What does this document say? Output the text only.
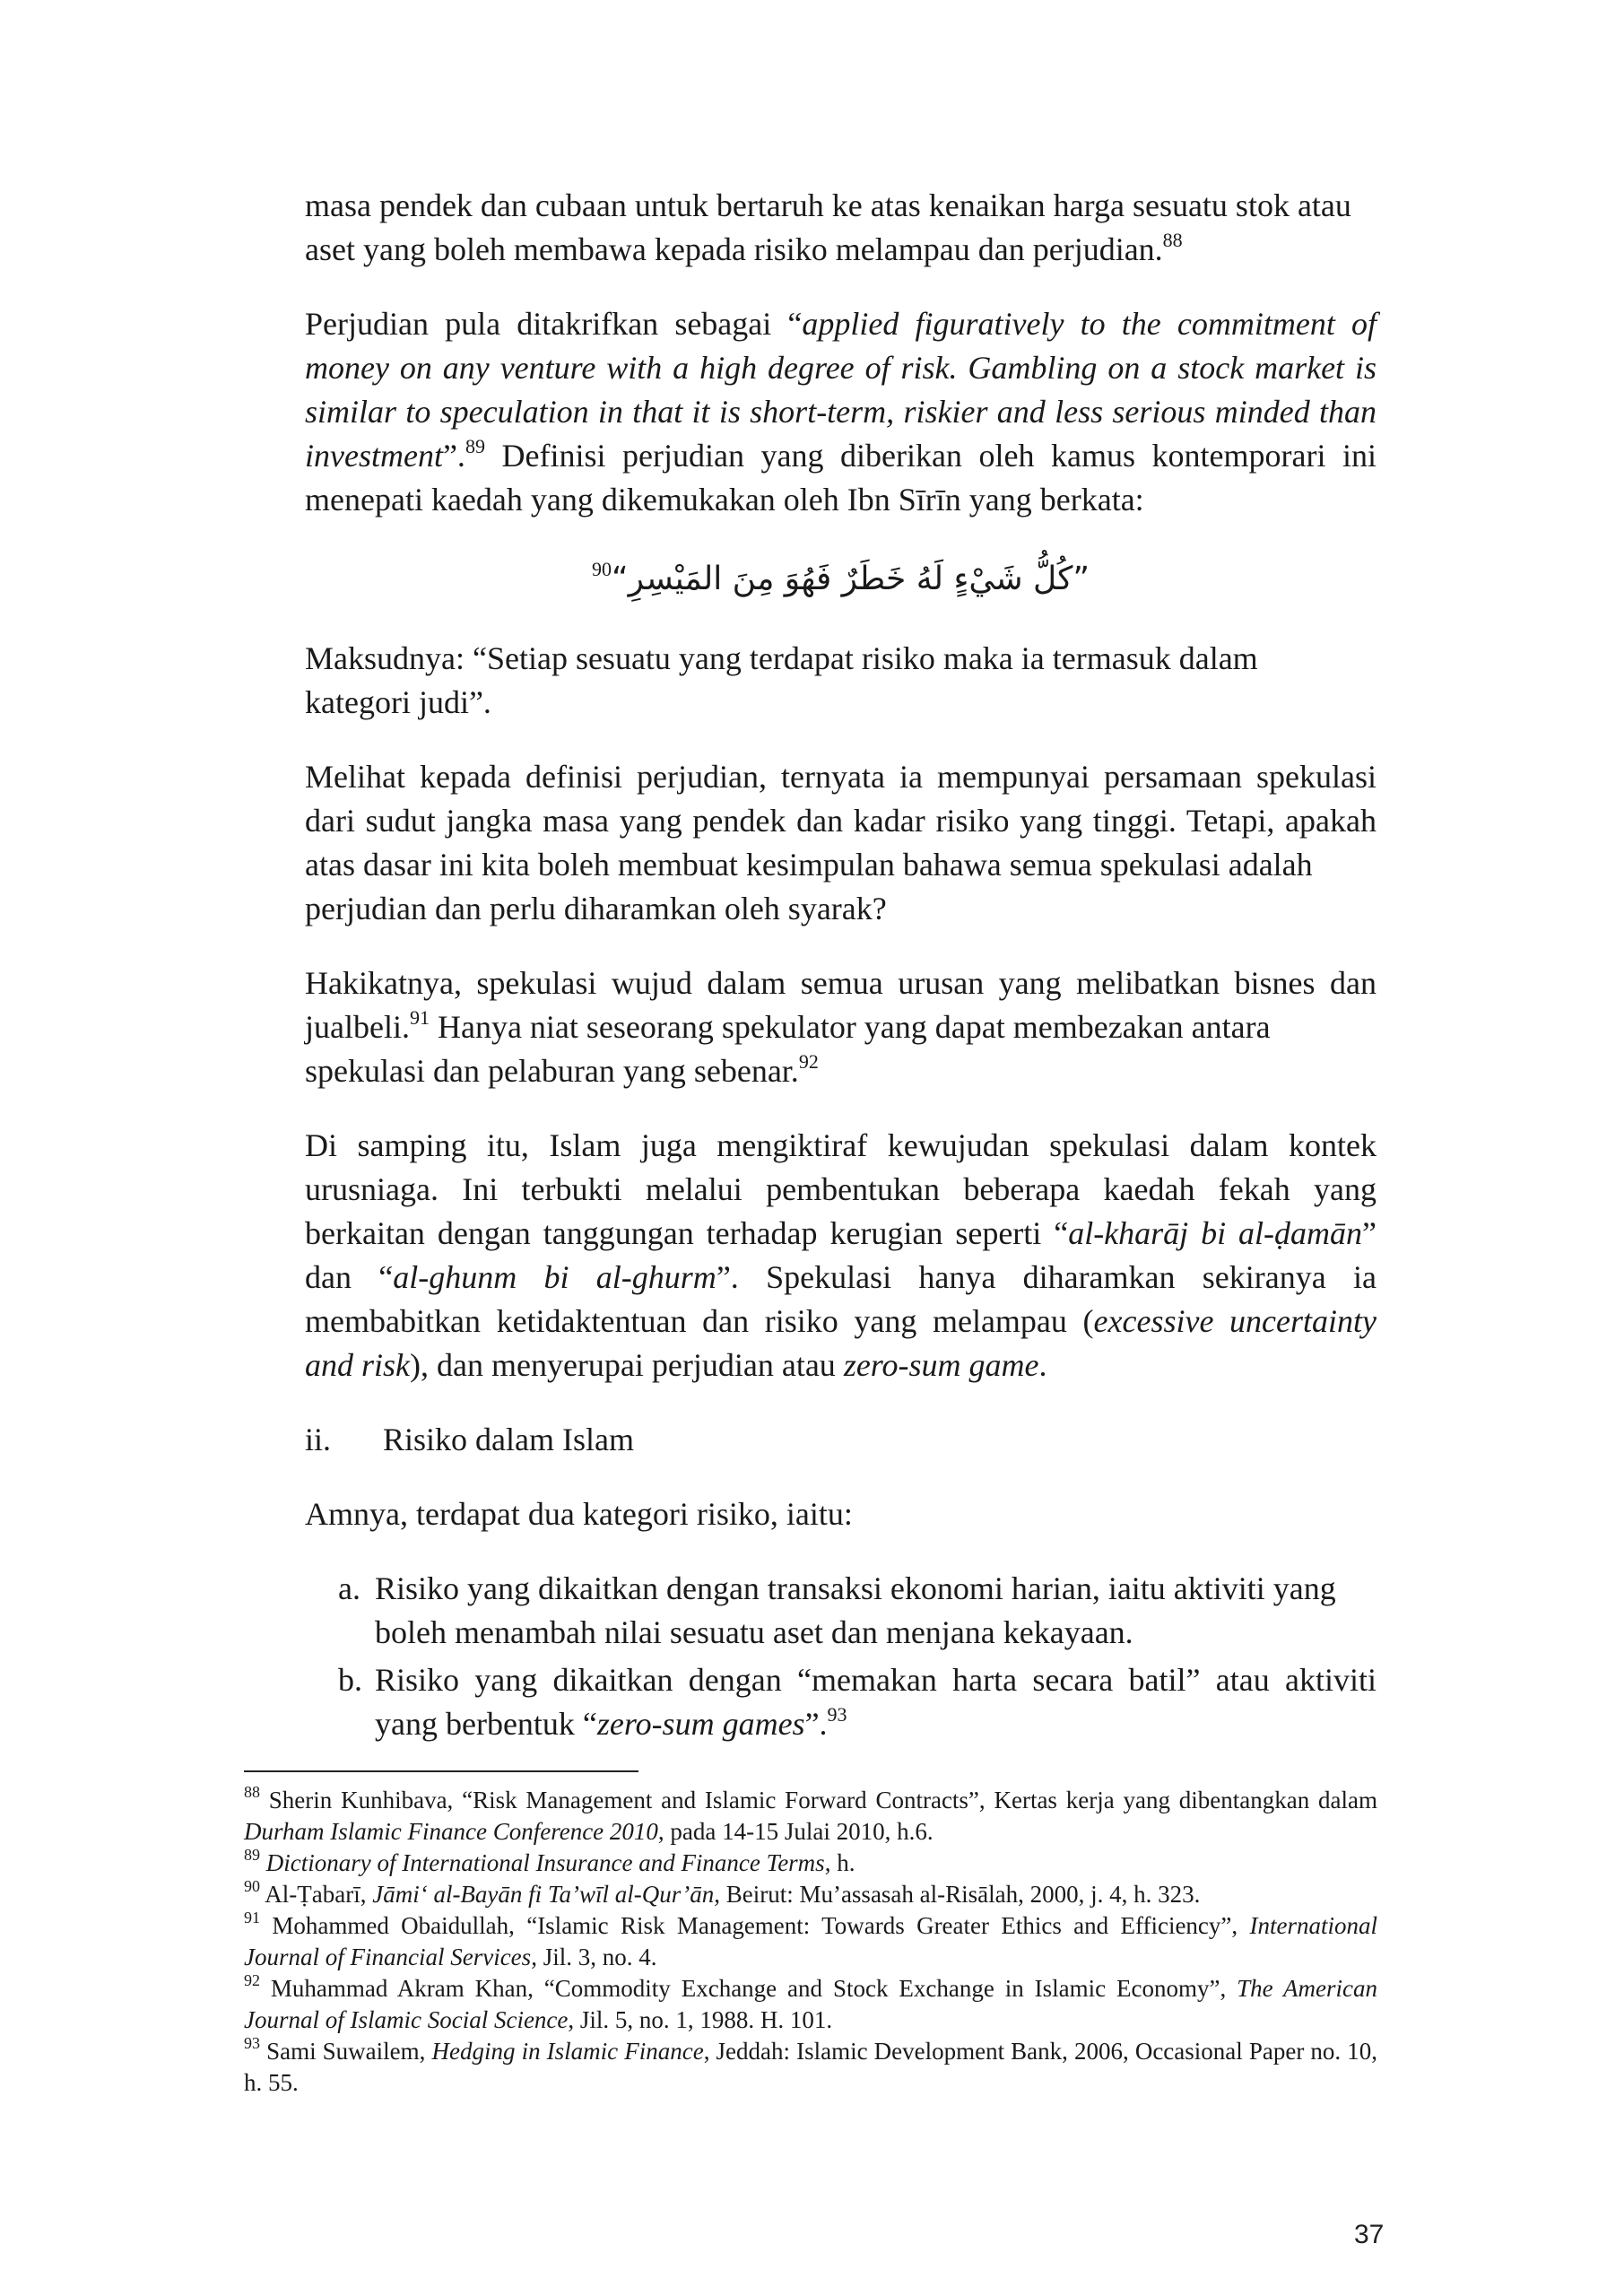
masa pendek dan cubaan untuk bertaruh ke atas kenaikan harga sesuatu stok atau
aset yang boleh membawa kepada risiko melampau dan perjudian.$^{88}$

Perjudian pula ditakrifkan sebagai “applied figuratively to the commitment of money on any venture with a high degree of risk. Gambling on a stock market is similar to speculation in that it is short-term, riskier and less serious minded than investment”.$^{89}$ Definisi perjudian yang diberikan oleh kamus kontemporari ini menepati kaedah yang dikemukakan oleh Ibn Sīrīn yang berkata:

”كُلُّ شَيْءٍ لَهُ خَطَرٌ فَهُوَ مِنَ المَيْسِرِ“$^{90}$

Maksudnya: “Setiap sesuatu yang terdapat risiko maka ia termasuk dalam
kategori judi”.

Melihat kepada definisi perjudian, ternyata ia mempunyai persamaan spekulasi dari sudut jangka masa yang pendek dan kadar risiko yang tinggi. Tetapi, apakah atas dasar ini kita boleh membuat kesimpulan bahawa semua spekulasi adalah
perjudian dan perlu diharamkan oleh syarak?

Hakikatnya, spekulasi wujud dalam semua urusan yang melibatkan bisnes dan jualbeli.$^{91}$ Hanya niat seseorang spekulator yang dapat membezakan antara
spekulasi dan pelaburan yang sebenar.$^{92}$

Di samping itu, Islam juga mengiktiraf kewujudan spekulasi dalam kontek urusniaga. Ini terbukti melalui pembentukan beberapa kaedah fekah yang berkaitan dengan tanggungan terhadap kerugian seperti “al-kharāj bi al-ḍamān” dan “al-ghunm bi al-ghurm”. Spekulasi hanya diharamkan sekiranya ia membabitkan ketidaktentuan dan risiko yang melampau (excessive uncertainty and risk), dan menyerupai perjudian atau zero-sum game.

ii.	Risiko dalam Islam

Amnya, terdapat dua kategori risiko, iaitu:

a. Risiko yang dikaitkan dengan transaksi ekonomi harian, iaitu aktiviti yang
boleh menambah nilai sesuatu aset dan menjana kekayaan.
b. Risiko yang dikaitkan dengan “memakan harta secara batil” atau aktiviti yang berbentuk “zero-sum games”.$^{93}$

$^{88}$ Sherin Kunhibava, “Risk Management and Islamic Forward Contracts”, Kertas kerja yang dibentangkan dalam Durham Islamic Finance Conference 2010, pada 14-15 Julai 2010, h.6.

$^{89}$ Dictionary of International Insurance and Finance Terms, h.

$^{90}$ Al-Ṭabarī, Jāmi‘ al-Bayān fi Ta’wīl al-Qur’ān, Beirut: Mu’assasah al-Risālah, 2000, j. 4, h. 323.

$^{91}$ Mohammed Obaidullah, “Islamic Risk Management: Towards Greater Ethics and Efficiency”, International Journal of Financial Services, Jil. 3, no. 4.

$^{92}$ Muhammad Akram Khan, “Commodity Exchange and Stock Exchange in Islamic Economy”, The American Journal of Islamic Social Science, Jil. 5, no. 1, 1988. H. 101.

$^{93}$ Sami Suwailem, Hedging in Islamic Finance, Jeddah: Islamic Development Bank, 2006, Occasional Paper no. 10, h. 55.

37
